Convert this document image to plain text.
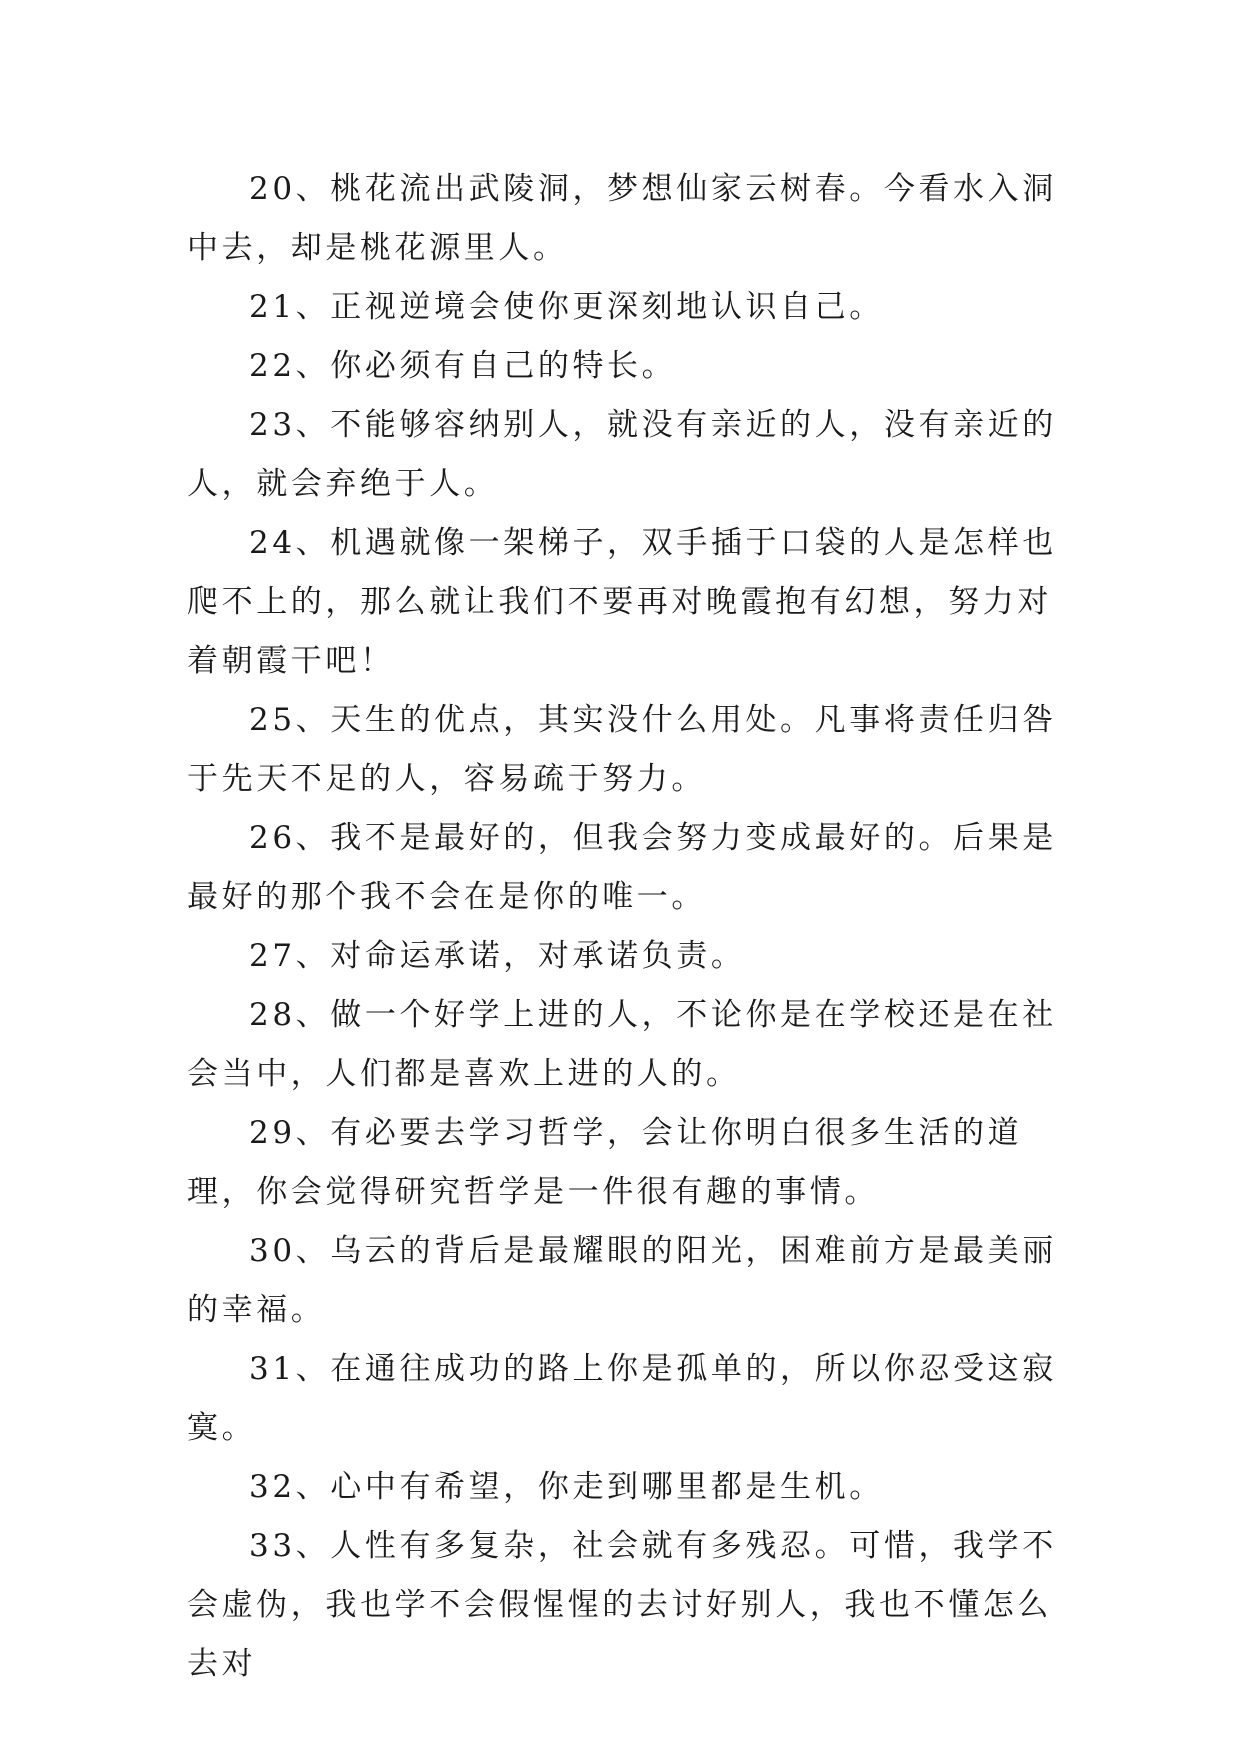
20、桃花流出武陵洞，梦想仙家云树春。今看水入洞中去，却是桃花源里人。

21、正视逆境会使你更深刻地认识自己。

22、你必须有自己的特长。

23、不能够容纳别人，就没有亲近的人，没有亲近的人，就会弃绝于人。

24、机遇就像一架梯子，双手插于口袋的人是怎样也爬不上的，那么就让我们不要再对晚霞抱有幻想，努力对着朝霞干吧！

25、天生的优点，其实没什么用处。凡事将责任归咎于先天不足的人，容易疏于努力。

26、我不是最好的，但我会努力变成最好的。后果是最好的那个我不会在是你的唯一。

27、对命运承诺，对承诺负责。

28、做一个好学上进的人，不论你是在学校还是在社会当中，人们都是喜欢上进的人的。

29、有必要去学习哲学，会让你明白很多生活的道理，你会觉得研究哲学是一件很有趣的事情。

30、乌云的背后是最耀眼的阳光，困难前方是最美丽的幸福。

31、在通往成功的路上你是孤单的，所以你忍受这寂寞。

32、心中有希望，你走到哪里都是生机。

33、人性有多复杂，社会就有多残忍。可惜，我学不会虚伪，我也学不会假惺惺的去讨好别人，我也不懂怎么去对
